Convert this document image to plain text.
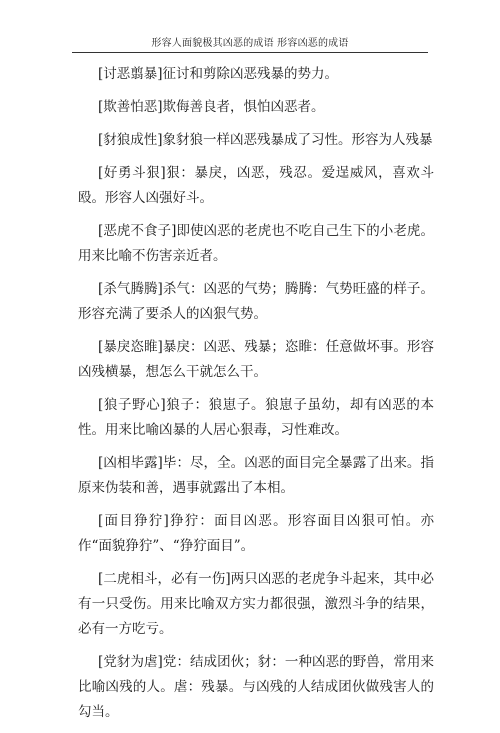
形容人面貌极其凶恶的成语 形容凶恶的成语

[讨恶翦暴]征讨和剪除凶恶残暴的势力。

[欺善怕恶]欺侮善良者，惧怕凶恶者。

[豺狼成性]象豺狼一样凶恶残暴成了习性。形容为人残暴

[好勇斗狠]狠：暴戾，凶恶，残忍。爱逞威风，喜欢斗殴。形容人凶强好斗。

[恶虎不食子]即使凶恶的老虎也不吃自己生下的小老虎。用来比喻不伤害亲近者。

[杀气腾腾]杀气：凶恶的气势；腾腾：气势旺盛的样子。形容充满了要杀人的凶狠气势。

[暴戾恣睢]暴戾：凶恶、残暴；恣睢：任意做坏事。形容凶残横暴，想怎么干就怎么干。

[狼子野心]狼子：狼崽子。狼崽子虽幼，却有凶恶的本性。用来比喻凶暴的人居心狠毒，习性难改。

[凶相毕露]毕：尽，全。凶恶的面目完全暴露了出来。指原来伪装和善，遇事就露出了本相。

[面目狰狞]狰狞：面目凶恶。形容面目凶狠可怕。亦作“面貌狰狞”、“狰狞面目”。

[二虎相斗，必有一伤]两只凶恶的老虎争斗起来，其中必有一只受伤。用来比喻双方实力都很强，激烈斗争的结果，必有一方吃亏。

[党豺为虐]党：结成团伙；豺：一种凶恶的野兽，常用来比喻凶残的人。虐：残暴。与凶残的人结成团伙做残害人的勾当。
